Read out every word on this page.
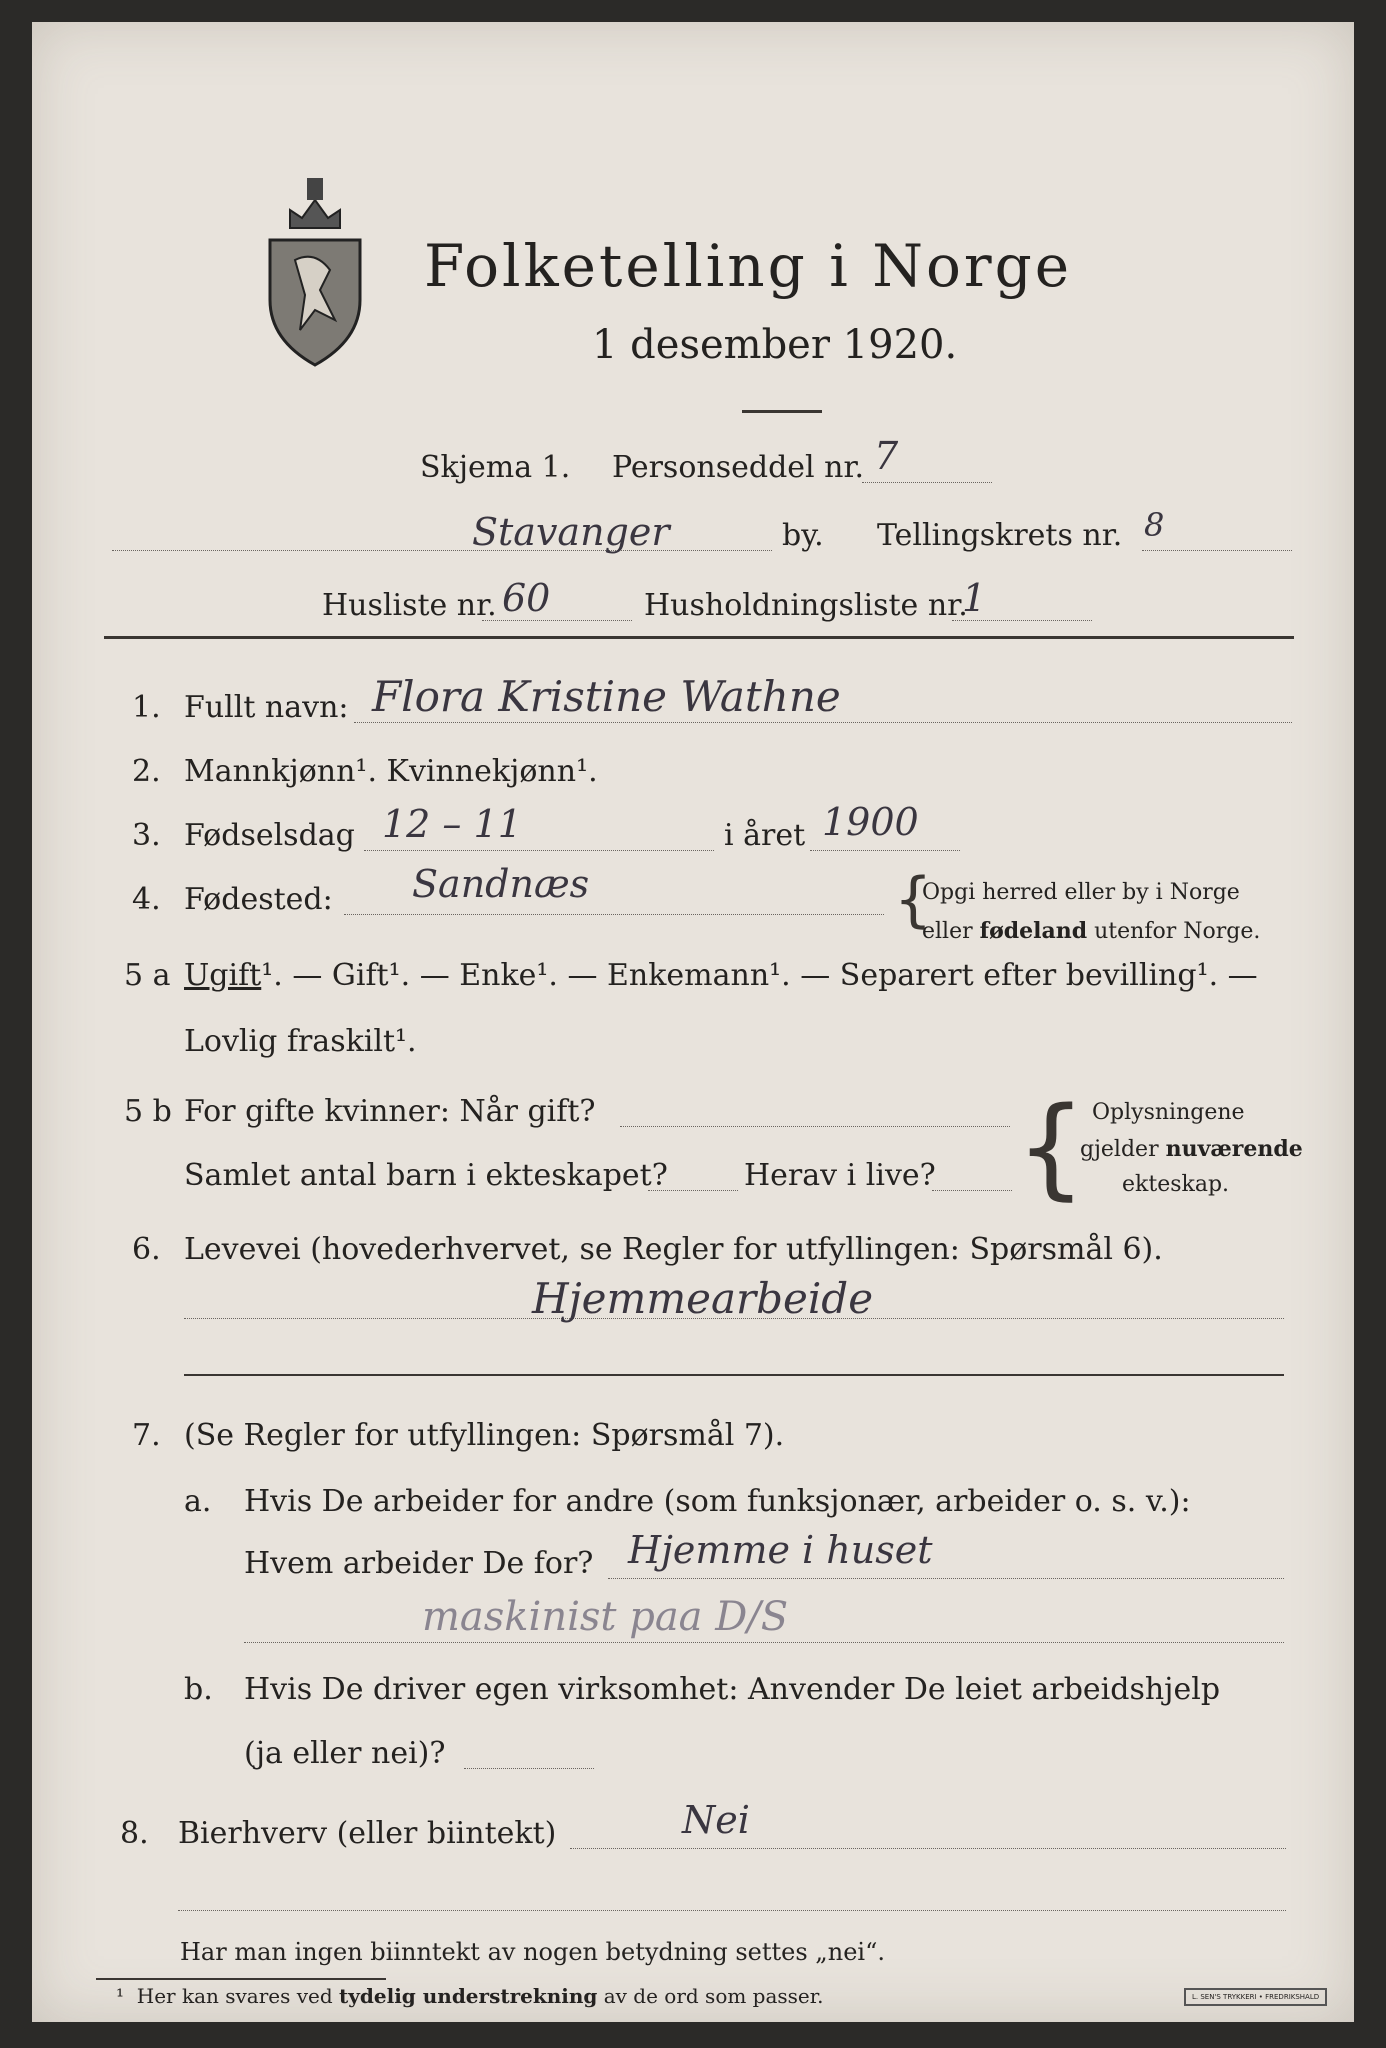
Folketelling i Norge
1 desember 1920.
Skjema 1. Personseddel nr. 7
Stavanger	by. Tellingskrets nr. 8
Husliste nr. 60	Husholdningsliste nr.
1
1. Fullt navn: Flora Kristine Wathne
2. Mannkjønn¹. Kvinnekjønn¹.
3. Fødselsdag 12 – 11	i året 1900
4. Fødested: Sandnæs	{
Opgi herred eller by i Norge
eller fødeland utenfor Norge.
5 a Ugift¹. — Gift¹. — Enke¹. — Enkemann¹. — Separert efter bevilling¹. —
Lovlig fraskilt¹.
5 b For gifte kvinner: Når gift?
Samlet antal barn i ekteskapet?	Herav i live? { Oplysningene
gjelder nuværende
ekteskap.
6. Levevei (hovederhvervet, se Regler for utfyllingen: Spørsmål 6).
Hjemmearbeide
7. (Se Regler for utfyllingen: Spørsmål 7).
a. Hvis De arbeider for andre (som funksjonær, arbeider o. s. v.):
Hvem arbeider De for? Hjemme i huset
maskinist paa D/S
b. Hvis De driver egen virksomhet: Anvender De leiet arbeidshjelp
(ja eller nei)?
8. Bierhverv (eller biintekt)	Nei
Har man ingen biinntekt av nogen betydning settes „nei“.
¹ Her kan svares ved tydelig understrekning av de ord som passer.	L. SEN'S TRYKKERI • FREDRIKSHALD
